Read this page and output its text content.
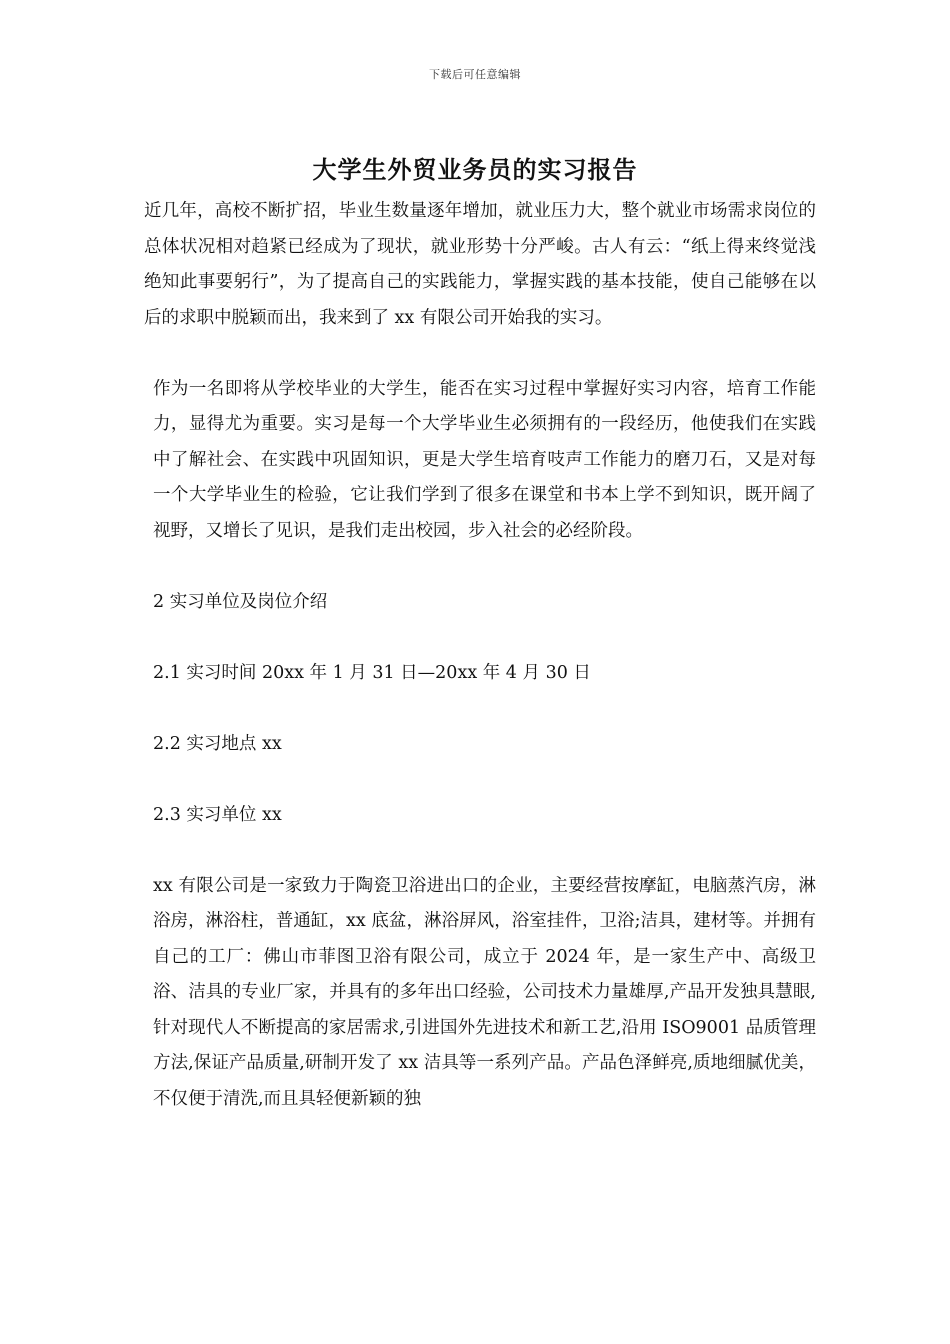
下载后可任意编辑
大学生外贸业务员的实习报告

近几年，高校不断扩招，毕业生数量逐年增加，就业压力大，整个就业市场需求岗位的总体状况相对趋紧已经成为了现状，就业形势十分严峻。古人有云：“纸上得来终觉浅绝知此事要躬行”，为了提高自己的实践能力，掌握实践的基本技能，使自己能够在以后的求职中脱颖而出，我来到了 xx 有限公司开始我的实习。

作为一名即将从学校毕业的大学生，能否在实习过程中掌握好实习内容，培育工作能力，显得尤为重要。实习是每一个大学毕业生必须拥有的一段经历，他使我们在实践中了解社会、在实践中巩固知识，更是大学生培育吱声工作能力的磨刀石，又是对每一个大学毕业生的检验，它让我们学到了很多在课堂和书本上学不到知识，既开阔了视野，又增长了见识，是我们走出校园，步入社会的必经阶段。

2 实习单位及岗位介绍

2.1 实习时间 20xx 年 1 月 31 日—20xx 年 4 月 30 日

2.2 实习地点 xx

2.3 实习单位 xx

xx 有限公司是一家致力于陶瓷卫浴进出口的企业，主要经营按摩缸，电脑蒸汽房，淋浴房，淋浴柱，普通缸，xx 底盆，淋浴屏风，浴室挂件，卫浴;洁具，建材等。并拥有自己的工厂：佛山市菲图卫浴有限公司，成立于 2024 年，是一家生产中、高级卫浴、洁具的专业厂家，并具有的多年出口经验，公司技术力量雄厚,产品开发独具慧眼,针对现代人不断提高的家居需求,引进国外先进技术和新工艺,沿用 ISO9001 品质管理方法,保证产品质量,研制开发了 xx 洁具等一系列产品。产品色泽鲜亮,质地细腻优美，不仅便于清洗,而且具轻便新颖的独
